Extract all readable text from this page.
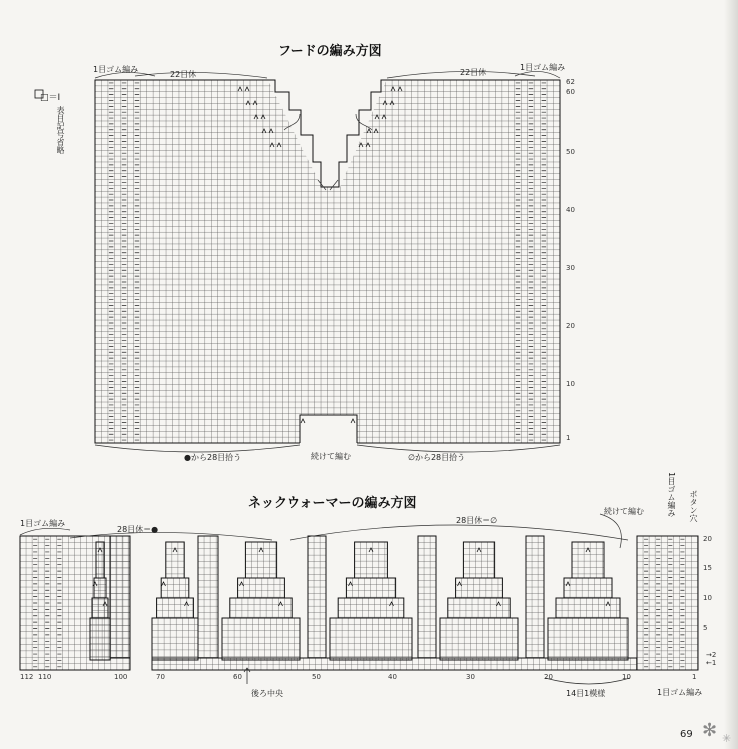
フードの編み方図
1目ゴム編み
22目休	22目休
1目ゴム編み
続けて編む
●から28目拾う	∅から28目拾う
62
60
50
40
30
20
10
1
□＝Ⅰ
表目記号省略
ネックウォーマーの編み方図
1目ゴム編み
28目休＝●
28目休＝∅
続けて編む	1目ゴム編み ボタン穴
20
15
10
5
→2
←1
112 110	100	70	60	50	40	30	20	10	1
後ろ中央	14目1模様	1目ゴム編み
69 ✻ ✳
